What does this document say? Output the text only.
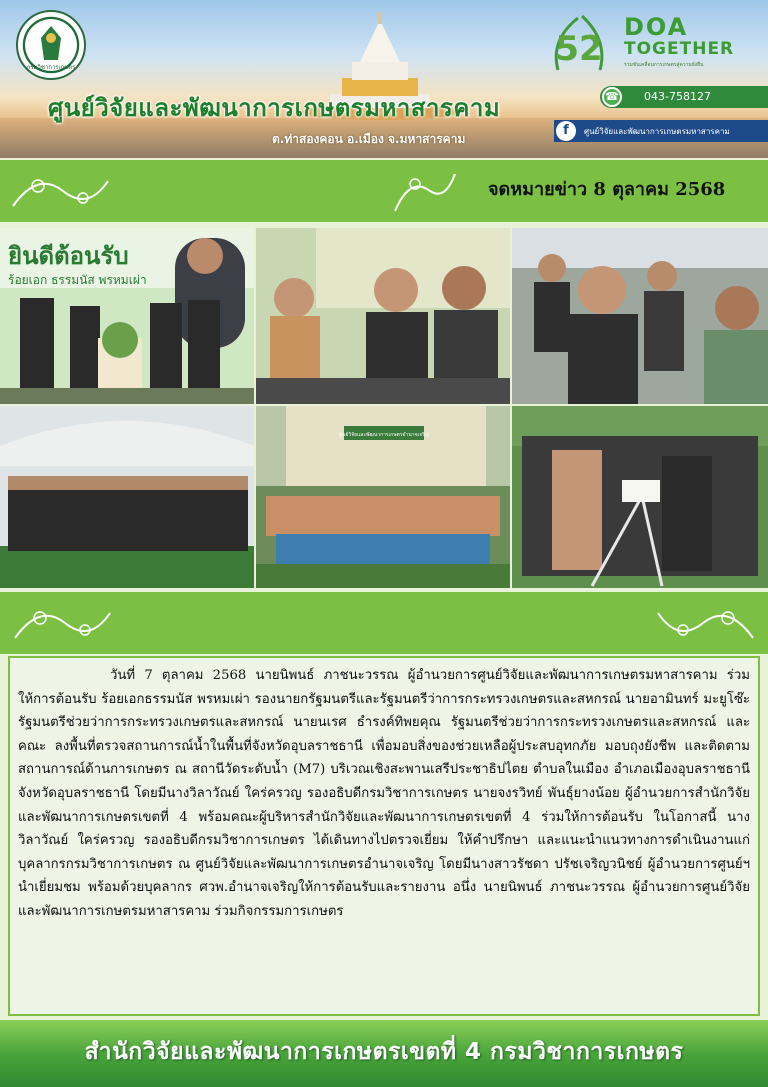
กรมวิชาการเกษตร
ศูนย์วิจัยและพัฒนาการเกษตรมหาสารคาม
ต.ท่าสองคอน อ.เมือง จ.มหาสารคาม
52
DOA
TOGETHER
ร่วมขับเคลื่อนการเกษตรสู่ความยั่งยืน
☎ 043-758127
f	ศูนย์วิจัยและพัฒนาการเกษตรมหาสารคาม
จดหมายข่าว 8 ตุลาคม 2568
ยินดีต้อนรับ
ร้อยเอก ธรรมนัส พรหมเผ่า
ศูนย์วิจัยและพัฒนาการเกษตรอำนาจเจริญ

วันที่ 7 ตุลาคม 2568 นายนิพนธ์ ภาชนะวรรณ ผู้อำนวยการศูนย์วิจัยและพัฒนาการเกษตรมหาสารคาม ร่วมให้การต้อนรับ ร้อยเอกธรรมนัส พรหมเผ่า รองนายกรัฐมนตรีและรัฐมนตรีว่าการกระทรวงเกษตรและสหกรณ์ นายอามินทร์ มะยูโซ๊ะ รัฐมนตรีช่วยว่าการกระทรวงเกษตรและสหกรณ์ นายนเรศ ธำรงค์ทิพยคุณ รัฐมนตรีช่วยว่าการกระทรวงเกษตรและสหกรณ์ และคณะ ลงพื้นที่ตรวจสถานการณ์น้ำในพื้นที่จังหวัดอุบลราชธานี เพื่อมอบสิ่งของช่วยเหลือผู้ประสบอุทกภัย มอบถุงยังชีพ และติดตามสถานการณ์ด้านการเกษตร ณ สถานีวัดระดับน้ำ (M7) บริเวณเชิงสะพานเสรีประชาธิปไตย ตำบลในเมือง อำเภอเมืองอุบลราชธานี จังหวัดอุบลราชธานี โดยมีนางวิลาวัณย์ ใคร่ครวญ รองอธิบดีกรมวิชาการเกษตร นายจงรวิทย์ พันธุ์ยางน้อย ผู้อำนวยการสำนักวิจัยและพัฒนาการเกษตรเขตที่ 4 พร้อมคณะผู้บริหารสำนักวิจัยและพัฒนาการเกษตรเขตที่ 4 ร่วมให้การต้อนรับ ในโอกาสนี้ นางวิลาวัณย์ ใคร่ครวญ รองอธิบดีกรมวิชาการเกษตร ได้เดินทางไปตรวจเยี่ยม ให้คำปรึกษา และแนะนำแนวทางการดำเนินงานแก่บุคลากรกรมวิชาการเกษตร ณ ศูนย์วิจัยและพัฒนาการเกษตรอำนาจเจริญ โดยมีนางสาวรัชดา ปรัชเจริญวนิชย์ ผู้อำนวยการศูนย์ฯ นำเยี่ยมชม พร้อมด้วยบุคลากร ศวพ.อำนาจเจริญให้การต้อนรับและรายงาน อนึ่ง นายนิพนธ์ ภาชนะวรรณ ผู้อำนวยการศูนย์วิจัยและพัฒนาการเกษตรมหาสารคาม ร่วมกิจกรรมการเกษตร

สำนักวิจัยและพัฒนาการเกษตรเขตที่ 4 กรมวิชาการเกษตร
